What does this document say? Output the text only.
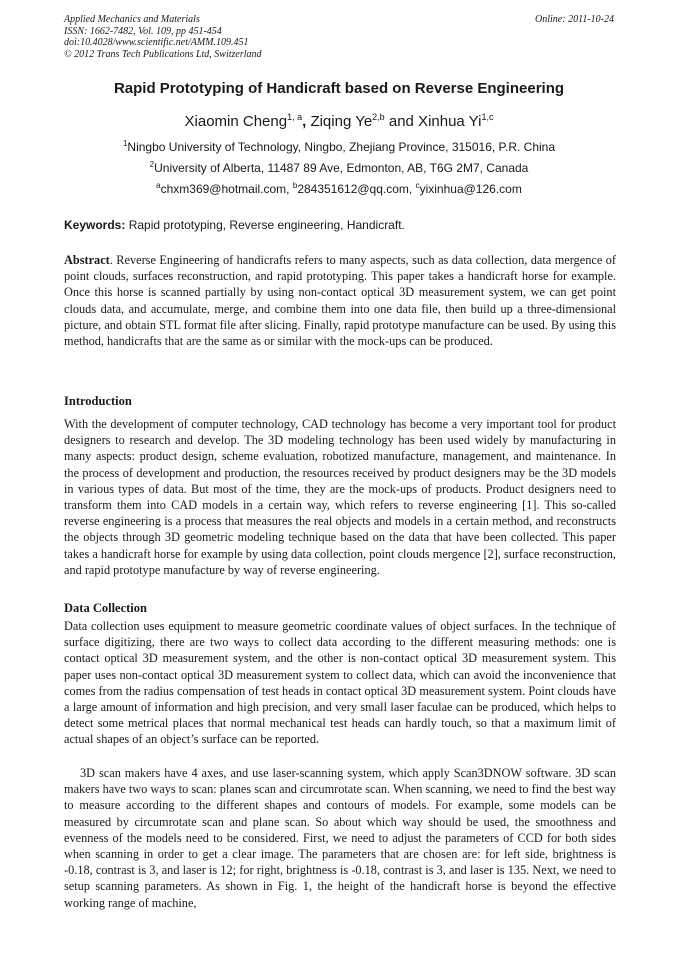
Applied Mechanics and Materials
ISSN: 1662-7482, Vol. 109, pp 451-454
doi:10.4028/www.scientific.net/AMM.109.451
© 2012 Trans Tech Publications Ltd, Switzerland
Online: 2011-10-24
Rapid Prototyping of Handicraft based on Reverse Engineering
Xiaomin Cheng$^{1, a}$, Ziqing Ye$^{2,b}$ and Xinhua Yi$^{1,c}$
$^1$Ningbo University of Technology, Ningbo, Zhejiang Province, 315016, P.R. China
$^2$University of Alberta, 11487 89 Ave, Edmonton, AB, T6G 2M7, Canada
$^a$chxm369@hotmail.com, $^b$284351612@qq.com, $^c$yixinhua@126.com
Keywords: Rapid prototyping, Reverse engineering, Handicraft.

Abstract. Reverse Engineering of handicrafts refers to many aspects, such as data collection, data mergence of point clouds, surfaces reconstruction, and rapid prototyping. This paper takes a handicraft horse for example. Once this horse is scanned partially by using non-contact optical 3D measurement system, we can get point clouds data, and accumulate, merge, and combine them into one data file, then build up a three-dimensional picture, and obtain STL format file after slicing. Finally, rapid prototype manufacture can be used. By using this method, handicrafts that are the same as or similar with the mock-ups can be produced.

Introduction

With the development of computer technology, CAD technology has become a very important tool for product designers to research and develop. The 3D modeling technology has been used widely by manufacturing in many aspects: product design, scheme evaluation, robotized manufacture, management, and maintenance. In the process of development and production, the resources received by product designers may be the 3D models in various types of data. But most of the time, they are the mock-ups of products. Product designers need to transform them into CAD models in a certain way, which refers to reverse engineering [1]. This so-called reverse engineering is a process that measures the real objects and models in a certain method, and reconstructs the objects through 3D geometric modeling technique based on the data that have been collected. This paper takes a handicraft horse for example by using data collection, point clouds mergence [2], surface reconstruction, and rapid prototype manufacture by way of reverse engineering.

Data Collection

Data collection uses equipment to measure geometric coordinate values of object surfaces. In the technique of surface digitizing, there are two ways to collect data according to the different measuring methods: one is contact optical 3D measurement system, and the other is non-contact optical 3D measurement system. This paper uses non-contact optical 3D measurement system to collect data, which can avoid the inconvenience that comes from the radius compensation of test heads in contact optical 3D measurement system. Point clouds have a large amount of information and high precision, and very small laser faculae can be produced, which helps to detect some metrical places that normal mechanical test heads can hardly touch, so that a maximum limit of actual shapes of an object’s surface can be reported.

3D scan makers have 4 axes, and use laser-scanning system, which apply Scan3DNOW software. 3D scan makers have two ways to scan: planes scan and circumrotate scan. When scanning, we need to find the best way to measure according to the different shapes and contours of models. For example, some models can be measured by circumrotate scan and plane scan. So about which way should be used, the smoothness and evenness of the models need to be considered. First, we need to adjust the parameters of CCD for both sides when scanning in order to get a clear image. The parameters that are chosen are: for left side, brightness is -0.18, contrast is 3, and laser is 12; for right, brightness is -0.18, contrast is 3, and laser is 135. Next, we need to setup scanning parameters. As shown in Fig. 1, the height of the handicraft horse is beyond the effective working range of machine,
